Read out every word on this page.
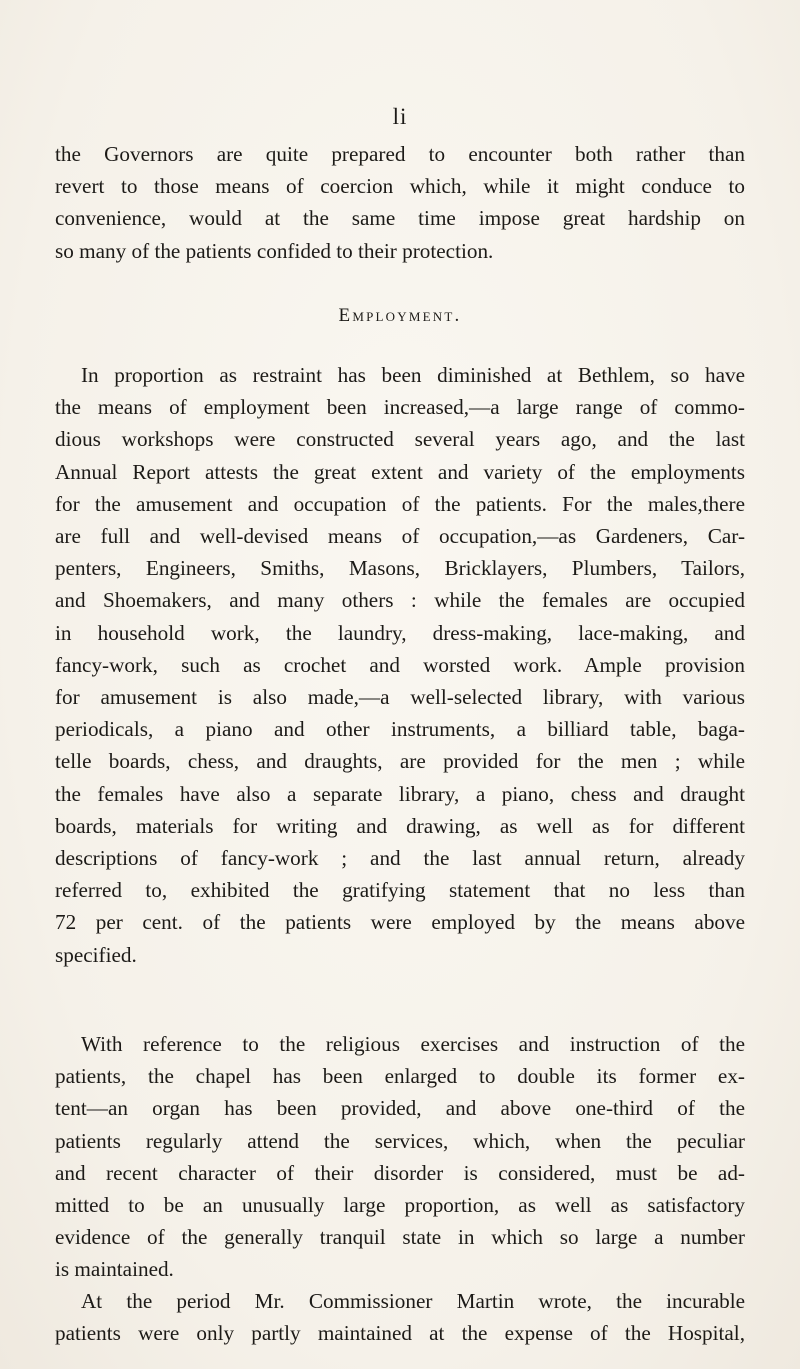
li
the Governors are quite prepared to encounter both rather than
revert to those means of coercion which, while it might conduce to
convenience, would at the same time impose great hardship on
so many of the patients confided to their protection.
Employment.
In proportion as restraint has been diminished at Bethlem, so have
the means of employment been increased,—a large range of commo-
dious workshops were constructed several years ago, and the last
Annual Report attests the great extent and variety of the employments
for the amusement and occupation of the patients. For the males,there
are full and well-devised means of occupation,—as Gardeners, Car-
penters, Engineers, Smiths, Masons, Bricklayers, Plumbers, Tailors,
and Shoemakers, and many others : while the females are occupied
in household work, the laundry, dress-making, lace-making, and
fancy-work, such as crochet and worsted work. Ample provision
for amusement is also made,—a well-selected library, with various
periodicals, a piano and other instruments, a billiard table, baga-
telle boards, chess, and draughts, are provided for the men ; while
the females have also a separate library, a piano, chess and draught
boards, materials for writing and drawing, as well as for different
descriptions of fancy-work ; and the last annual return, already
referred to, exhibited the gratifying statement that no less than
72 per cent. of the patients were employed by the means above
specified.
With reference to the religious exercises and instruction of the
patients, the chapel has been enlarged to double its former ex-
tent—an organ has been provided, and above one-third of the
patients regularly attend the services, which, when the peculiar
and recent character of their disorder is considered, must be ad-
mitted to be an unusually large proportion, as well as satisfactory
evidence of the generally tranquil state in which so large a number
is maintained.
At the period Mr. Commissioner Martin wrote, the incurable
patients were only partly maintained at the expense of the Hospital,
